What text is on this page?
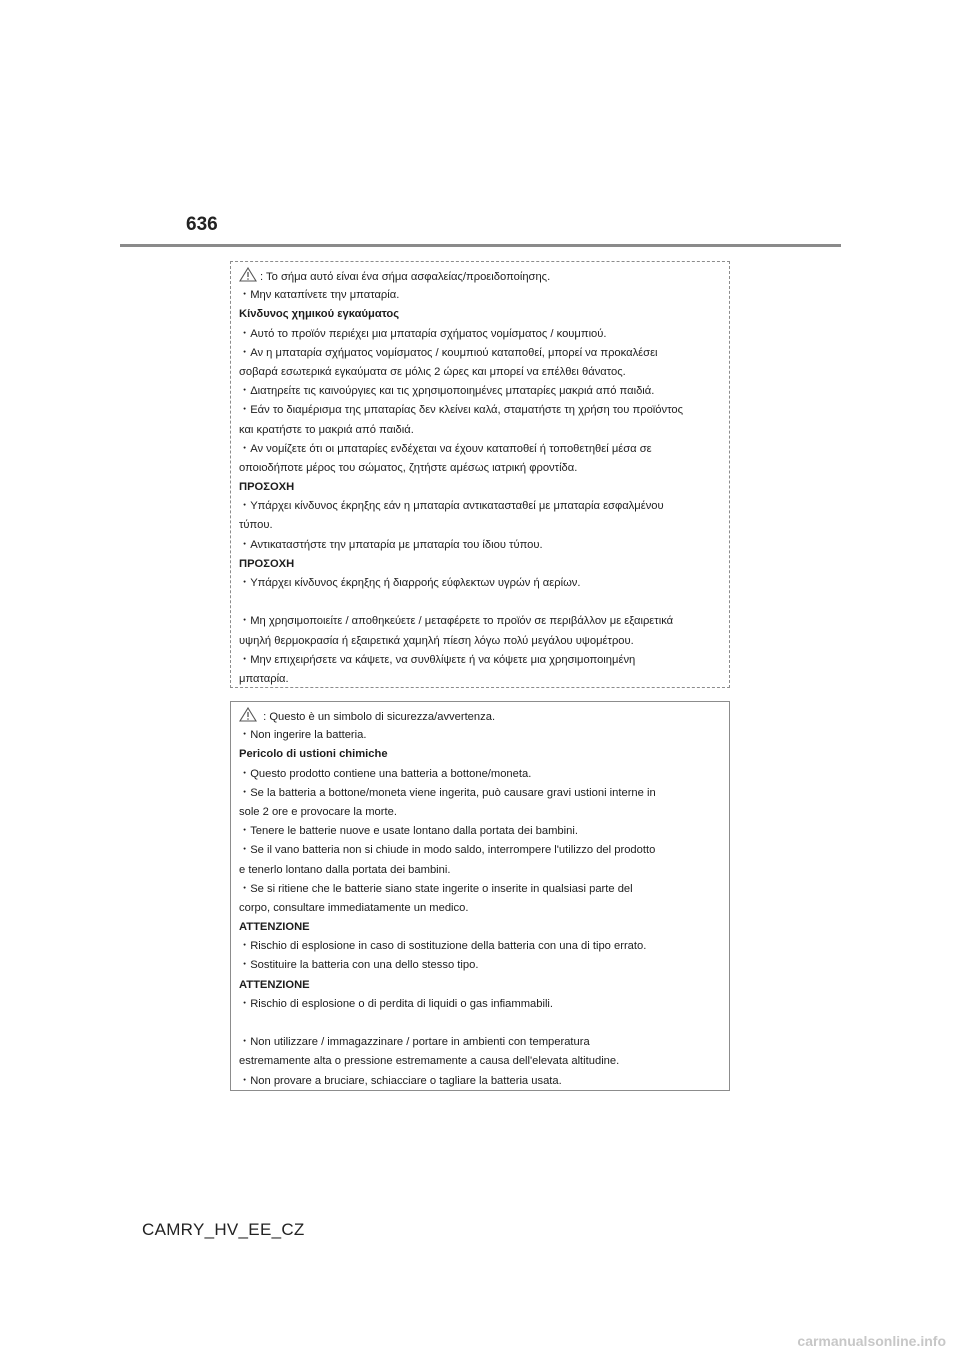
636
: Το σήμα αυτό είναι ένα σήμα ασφαλείας/προειδοποίησης.
・Μην καταπίνετε την μπαταρία.
Κίνδυνος χημικού εγκαύματος
・Αυτό το προϊόν περιέχει μια μπαταρία σχήματος νομίσματος / κουμπιού.
・Αν η μπαταρία σχήματος νομίσματος / κουμπιού καταποθεί, μπορεί να προκαλέσει
σοβαρά εσωτερικά εγκαύματα σε μόλις 2 ώρες και μπορεί να επέλθει θάνατος.
・Διατηρείτε τις καινούργιες και τις χρησιμοποιημένες μπαταρίες μακριά από παιδιά.
・Εάν το διαμέρισμα της μπαταρίας δεν κλείνει καλά, σταματήστε τη χρήση του προϊόντος
και κρατήστε το μακριά από παιδιά.
・Αν νομίζετε ότι οι μπαταρίες ενδέχεται να έχουν καταποθεί ή τοποθετηθεί μέσα σε
οποιοδήποτε μέρος του σώματος, ζητήστε αμέσως ιατρική φροντίδα.
ΠΡΟΣΟΧΗ
・Υπάρχει κίνδυνος έκρηξης εάν η μπαταρία αντικατασταθεί με μπαταρία εσφαλμένου
τύπου.
・Αντικαταστήστε την μπαταρία με μπαταρία του ίδιου τύπου.
ΠΡΟΣΟΧΗ
・Υπάρχει κίνδυνος έκρηξης ή διαρροής εύφλεκτων υγρών ή αερίων.
・Μη χρησιμοποιείτε / αποθηκεύετε / μεταφέρετε το προϊόν σε περιβάλλον με εξαιρετικά
υψηλή θερμοκρασία ή εξαιρετικά χαμηλή πίεση λόγω πολύ μεγάλου υψομέτρου.
・Μην επιχειρήσετε να κάψετε, να συνθλίψετε ή να κόψετε μια χρησιμοποιημένη
μπαταρία.
: Questo è un simbolo di sicurezza/avvertenza.
・Non ingerire la batteria.
Pericolo di ustioni chimiche
・Questo prodotto contiene una batteria a bottone/moneta.
・Se la batteria a bottone/moneta viene ingerita, può causare gravi ustioni interne in
sole 2 ore e provocare la morte.
・Tenere le batterie nuove e usate lontano dalla portata dei bambini.
・Se il vano batteria non si chiude in modo saldo, interrompere l'utilizzo del prodotto
e tenerlo lontano dalla portata dei bambini.
・Se si ritiene che le batterie siano state ingerite o inserite in qualsiasi parte del
corpo, consultare immediatamente un medico.
ATTENZIONE
・Rischio di esplosione in caso di sostituzione della batteria con una di tipo errato.
・Sostituire la batteria con una dello stesso tipo.
ATTENZIONE
・Rischio di esplosione o di perdita di liquidi o gas infiammabili.
・Non utilizzare / immagazzinare / portare in ambienti con temperatura
estremamente alta o pressione estremamente a causa dell'elevata altitudine.
・Non provare a bruciare, schiacciare o tagliare la batteria usata.
CAMRY_HV_EE_CZ
carmanualsonline.info
